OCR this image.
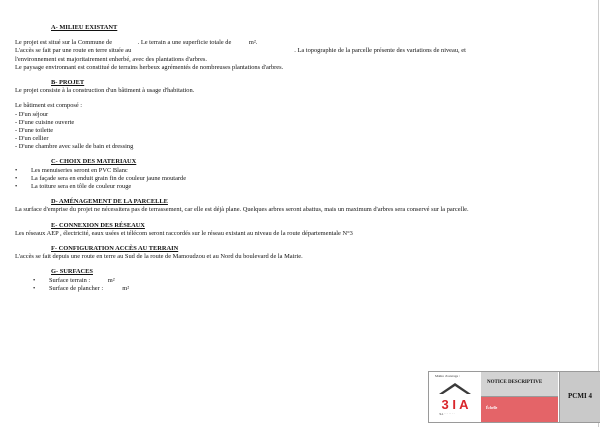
A- MILIEU EXISTANT
Le projet est situé sur la Commune de                . Le terrain a une superficie totale de           m².
L'accès se fait par une route en terre située au                                                                                                      . La topographie de la parcelle présente des variations de niveau, et
l'environnement est majoritairement enherbé, avec des plantations d'arbres.
Le paysage environnant est constitué de terrains herbeux agrémentés de nombreuses plantations d'arbres.
B- PROJET
Le projet consiste à la construction d'un bâtiment à usage d'habitation.
Le bâtiment est composé :
- D'un séjour
- D'une cuisine ouverte
- D'une toilette
- D'un cellier
- D'une chambre avec salle de bain et dressing
C- CHOIX DES MATERIAUX
•	Les menuiseries seront en PVC Blanc
•	La façade sera en enduit grain fin de couleur jaune moutarde
•	La toiture sera en tôle de couleur rouge
D- AMÉNAGEMENT DE LA PARCELLE
La surface d'emprise du projet ne nécessitera pas de terrassement, car elle est déjà plane. Quelques arbres seront abattus, mais un maximum d'arbres sera conservé sur la parcelle.
E- CONNEXION DES RÉSEAUX
Les réseaux AEP , électricité, eaux usées et télécom seront raccordés sur le réseau existant au niveau de la route départementale N°3
F- CONFIGURATION ACCÈS AU TERRAIN
L'accès se fait depuis une route en terre au Sud de la route de Mamoudzou et au Nord du boulevard de la Mairie.
G- SURFACES
•	Surface terrain :           m²
•	Surface de plancher :            m²
Maître d'ouvrage :
3 I A
3IA · · · · · · ·
NOTICE DESCRIPTIVE
Échelle
PCMI 4
